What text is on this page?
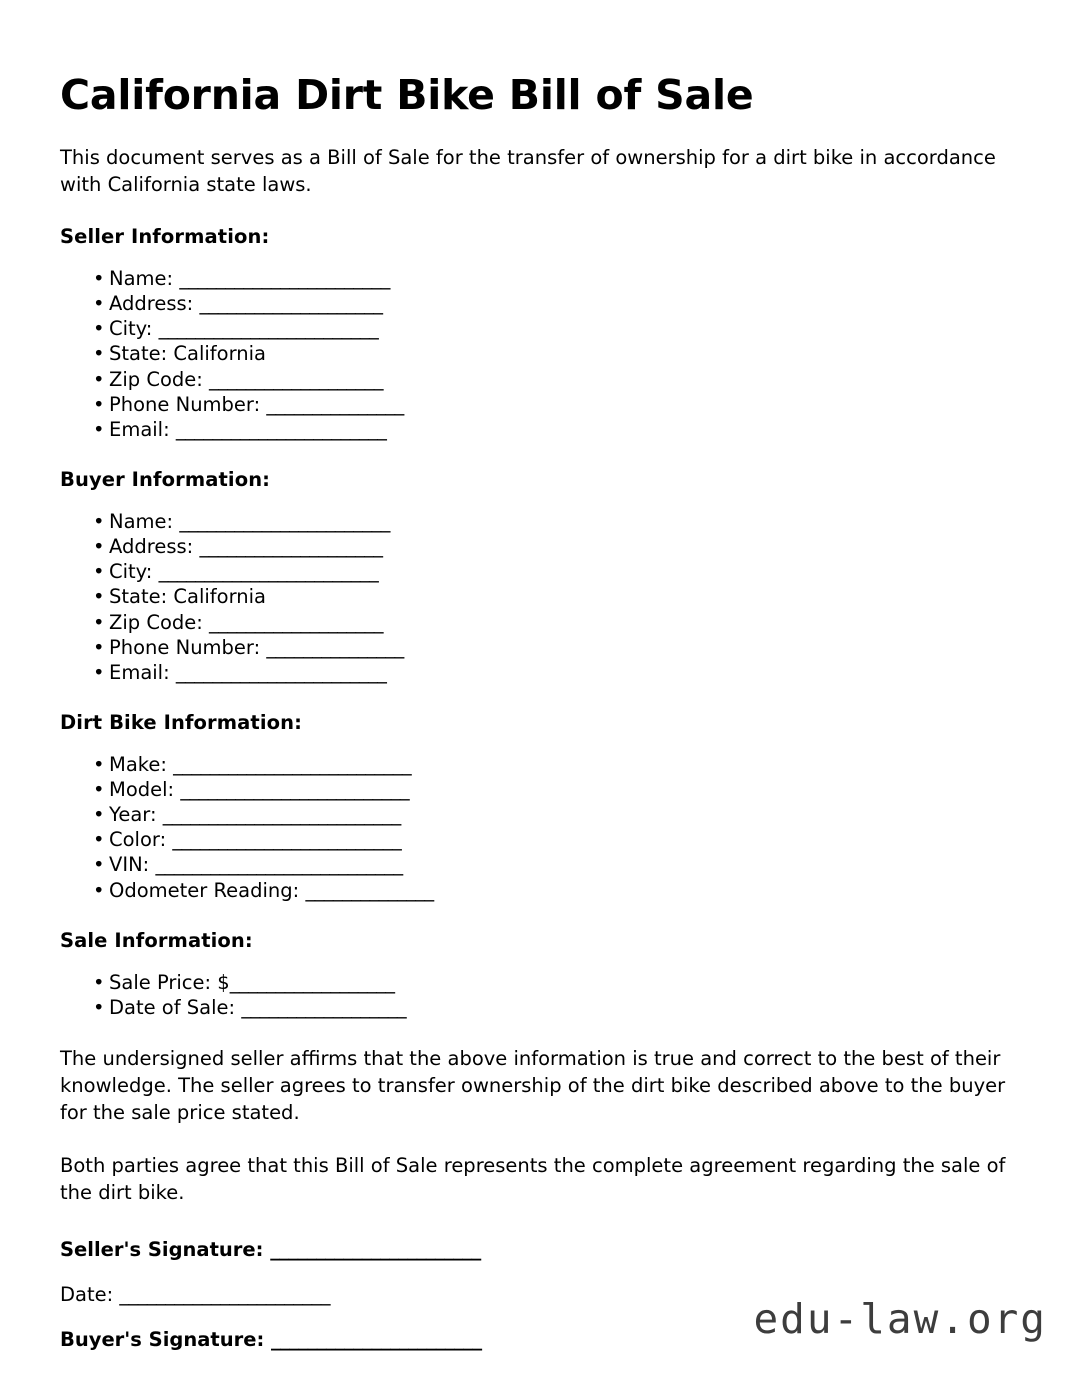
California Dirt Bike Bill of Sale

This document serves as a Bill of Sale for the transfer of ownership for a dirt bike in accordance with California state laws.

Seller Information:
• Name: _______________________
• Address: ____________________
• City: ________________________
• State: California
• Zip Code: ___________________
• Phone Number: _______________
• Email: _______________________
Buyer Information:
• Name: _______________________
• Address: ____________________
• City: ________________________
• State: California
• Zip Code: ___________________
• Phone Number: _______________
• Email: _______________________
Dirt Bike Information:
• Make: __________________________
• Model: _________________________
• Year: __________________________
• Color: _________________________
• VIN: ___________________________
• Odometer Reading: ______________
Sale Information:
• Sale Price: $__________________
• Date of Sale: __________________

The undersigned seller affirms that the above information is true and correct to the best of their knowledge. The seller agrees to transfer ownership of the dirt bike described above to the buyer for the sale price stated.

Both parties agree that this Bill of Sale represents the complete agreement regarding the sale of the dirt bike.

Seller's Signature: _______________________
Date: _______________________
Buyer's Signature: _______________________	edu-law.org
